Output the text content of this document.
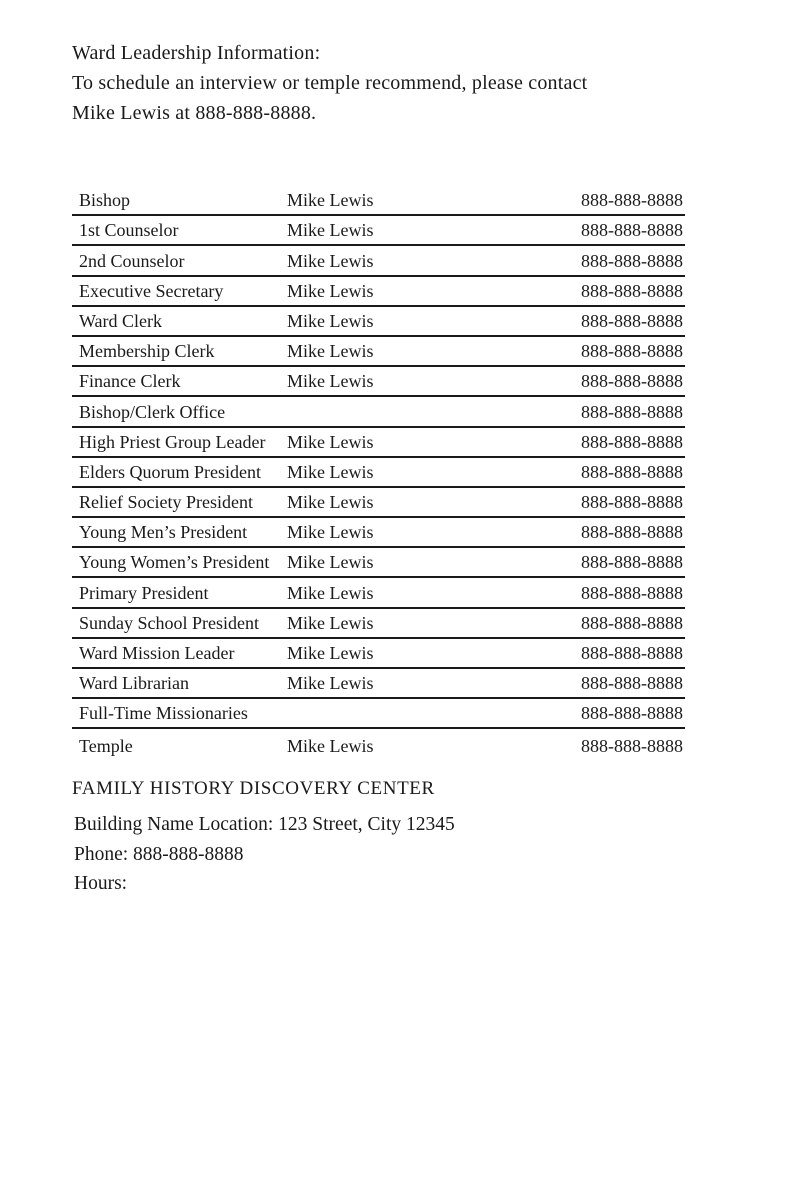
Ward Leadership Information:
To schedule an interview or temple recommend, please contact
Mike Lewis at 888-888-8888.
Bishop	Mike Lewis	888-888-8888
1st Counselor	Mike Lewis	888-888-8888
2nd Counselor	Mike Lewis	888-888-8888
Executive Secretary	Mike Lewis	888-888-8888
Ward Clerk	Mike Lewis	888-888-8888
Membership Clerk	Mike Lewis	888-888-8888
Finance Clerk	Mike Lewis	888-888-8888
Bishop/Clerk Office	888-888-8888
High Priest Group Leader Mike Lewis	888-888-8888
Elders Quorum President Mike Lewis	888-888-8888
Relief Society President Mike Lewis	888-888-8888
Young Men’s President Mike Lewis	888-888-8888
Young Women’s President Mike Lewis	888-888-8888
Primary President	Mike Lewis	888-888-8888
Sunday School President Mike Lewis	888-888-8888
Ward Mission Leader	Mike Lewis	888-888-8888
Ward Librarian	Mike Lewis	888-888-8888
Full-Time Missionaries	888-888-8888
Temple	Mike Lewis	888-888-8888
FAMILY HISTORY DISCOVERY CENTER
Building Name Location: 123 Street, City 12345
Phone: 888-888-8888
Hours:
